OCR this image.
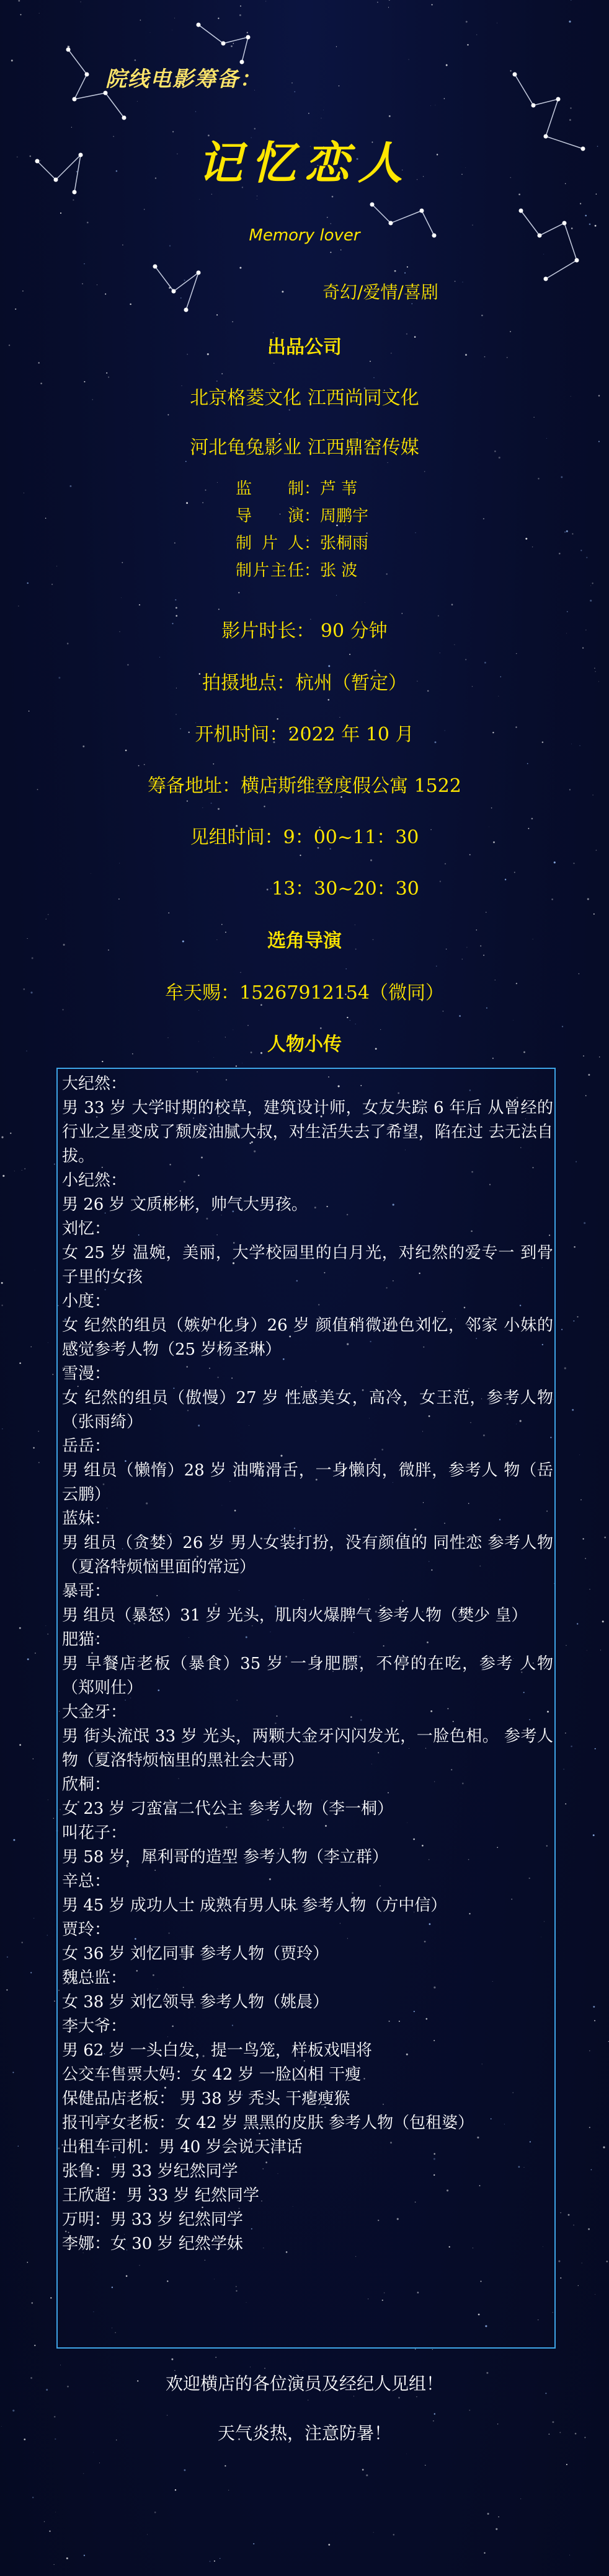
院线电影筹备：
记忆恋人
Memory lover
奇幻/爱情/喜剧
出品公司
北京格菱文化 江西尚同文化
河北龟兔影业 江西鼎窑传媒
监制：芦 苇
导演：周鹏宇
制片人：张桐雨
制片主任：张 波
影片时长： 90 分钟
拍摄地点：杭州（暂定）
开机时间：2022 年 10 月
筹备地址：横店斯维登度假公寓 1522
见组时间：9：00~11：30
13：30~20：30
选角导演
牟天赐：15267912154（微同）
人物小传
大纪然：
男 33 岁 大学时期的校草，建筑设计师，女友失踪 6 年后 从曾经的行业之星变成了颓废油腻大叔，对生活失去了希望，陷在过 去无法自拔。
小纪然：
男 26 岁 文质彬彬，帅气大男孩。
刘忆：
女 25 岁 温婉，美丽，大学校园里的白月光，对纪然的爱专一 到骨子里的女孩
小度：
女 纪然的组员（嫉妒化身）26 岁 颜值稍微逊色刘忆，邻家 小妹的感觉参考人物（25 岁杨圣琳）
雪漫：
女 纪然的组员（傲慢）27 岁 性感美女，高冷，女王范，参考人物（张雨绮）
岳岳：
男 组员（懒惰）28 岁 油嘴滑舌，一身懒肉，微胖，参考人 物（岳云鹏）
蓝妹：
男 组员（贪婪）26 岁 男人女装打扮，没有颜值的 同性恋 参考人物（夏洛特烦恼里面的常远）
暴哥：
男 组员（暴怒）31 岁 光头，肌肉火爆脾气 参考人物（樊少 皇）
肥猫：
男 早餐店老板（暴食）35 岁 一身肥膘，不停的在吃，参考 人物（郑则仕）
大金牙：
男 街头流氓 33 岁 光头，两颗大金牙闪闪发光，一脸色相。 参考人物（夏洛特烦恼里的黑社会大哥）
欣桐：
女 23 岁 刁蛮富二代公主 参考人物（李一桐）
叫花子：
男 58 岁，犀利哥的造型 参考人物（李立群）
辛总：
男 45 岁 成功人士 成熟有男人味 参考人物（方中信）
贾玲：
女 36 岁 刘忆同事 参考人物（贾玲）
魏总监：
女 38 岁 刘忆领导 参考人物（姚晨）
李大爷：
男 62 岁 一头白发，提一鸟笼，样板戏唱将
公交车售票大妈：女 42 岁 一脸凶相 干瘦
保健品店老板： 男 38 岁 秃头 干瘪瘦猴
报刊亭女老板：女 42 岁 黑黑的皮肤 参考人物（包租婆）
出租车司机：男 40 岁会说天津话
张鲁：男 33 岁纪然同学
王欣超：男 33 岁 纪然同学
万明：男 33 岁 纪然同学
李娜：女 30 岁 纪然学妹
欢迎横店的各位演员及经纪人见组！
天气炎热，注意防暑！
